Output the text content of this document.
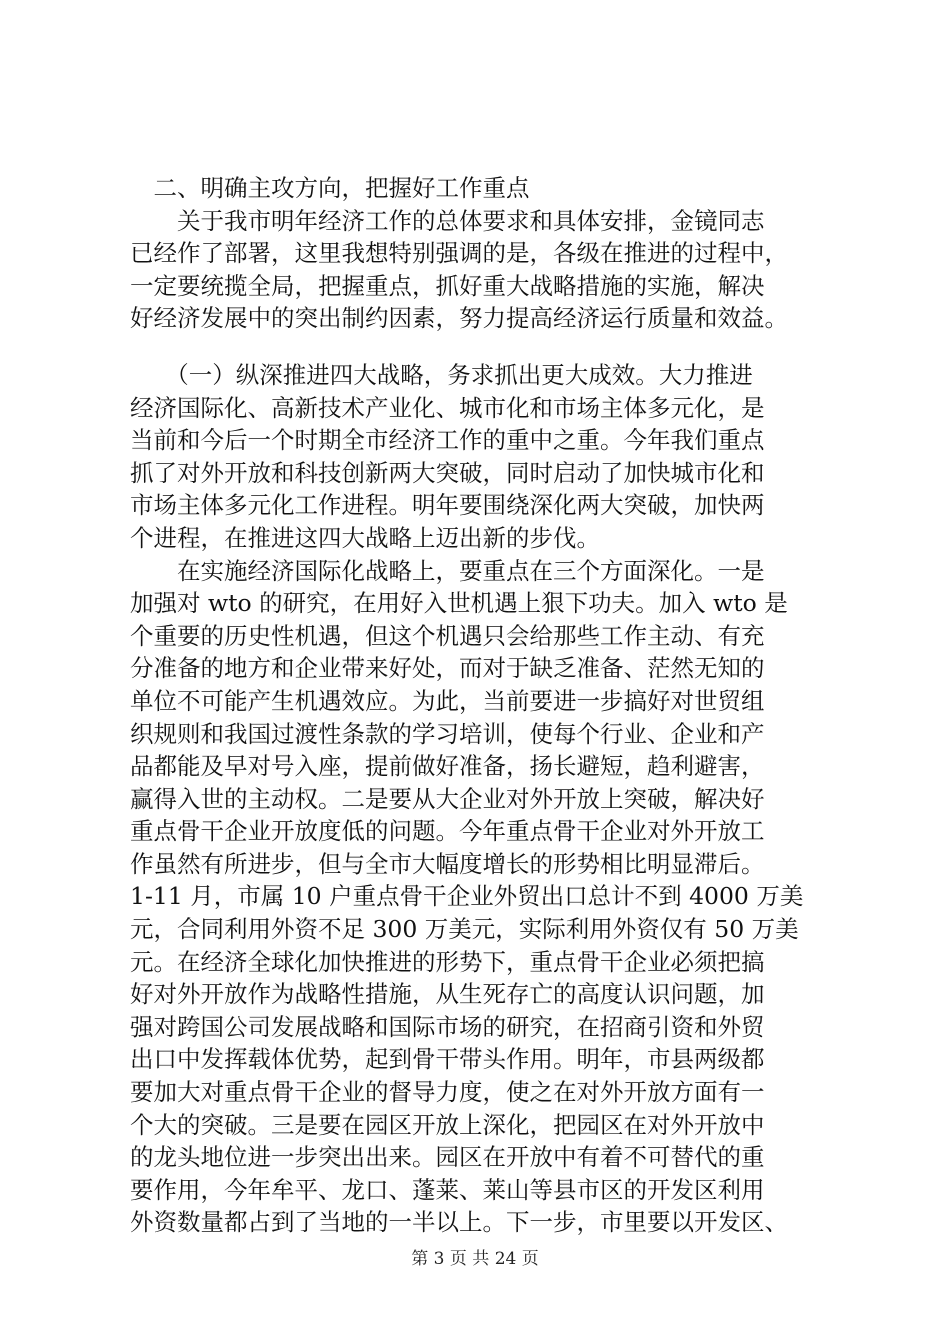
　二、明确主攻方向，把握好工作重点
　　关于我市明年经济工作的总体要求和具体安排，金镜同志
已经作了部署，这里我想特别强调的是，各级在推进的过程中，
一定要统揽全局，把握重点，抓好重大战略措施的实施，解决
好经济发展中的突出制约因素，努力提高经济运行质量和效益。
　　（一）纵深推进四大战略，务求抓出更大成效。大力推进
经济国际化、高新技术产业化、城市化和市场主体多元化，是
当前和今后一个时期全市经济工作的重中之重。今年我们重点
抓了对外开放和科技创新两大突破，同时启动了加快城市化和
市场主体多元化工作进程。明年要围绕深化两大突破，加快两
个进程，在推进这四大战略上迈出新的步伐。
　　在实施经济国际化战略上，要重点在三个方面深化。一是
加强对 wto 的研究，在用好入世机遇上狠下功夫。加入 wto 是
个重要的历史性机遇，但这个机遇只会给那些工作主动、有充
分准备的地方和企业带来好处，而对于缺乏准备、茫然无知的
单位不可能产生机遇效应。为此，当前要进一步搞好对世贸组
织规则和我国过渡性条款的学习培训，使每个行业、企业和产
品都能及早对号入座，提前做好准备，扬长避短，趋利避害，
赢得入世的主动权。二是要从大企业对外开放上突破，解决好
重点骨干企业开放度低的问题。今年重点骨干企业对外开放工
作虽然有所进步，但与全市大幅度增长的形势相比明显滞后。
1-11 月，市属 10 户重点骨干企业外贸出口总计不到 4000 万美
元，合同利用外资不足 300 万美元，实际利用外资仅有 50 万美
元。在经济全球化加快推进的形势下，重点骨干企业必须把搞
好对外开放作为战略性措施，从生死存亡的高度认识问题，加
强对跨国公司发展战略和国际市场的研究，在招商引资和外贸
出口中发挥载体优势，起到骨干带头作用。明年，市县两级都
要加大对重点骨干企业的督导力度，使之在对外开放方面有一
个大的突破。三是要在园区开放上深化，把园区在对外开放中
的龙头地位进一步突出出来。园区在开放中有着不可替代的重
要作用，今年牟平、龙口、蓬莱、莱山等县市区的开发区利用
外资数量都占到了当地的一半以上。下一步，市里要以开发区、
第 3 页 共 24 页
